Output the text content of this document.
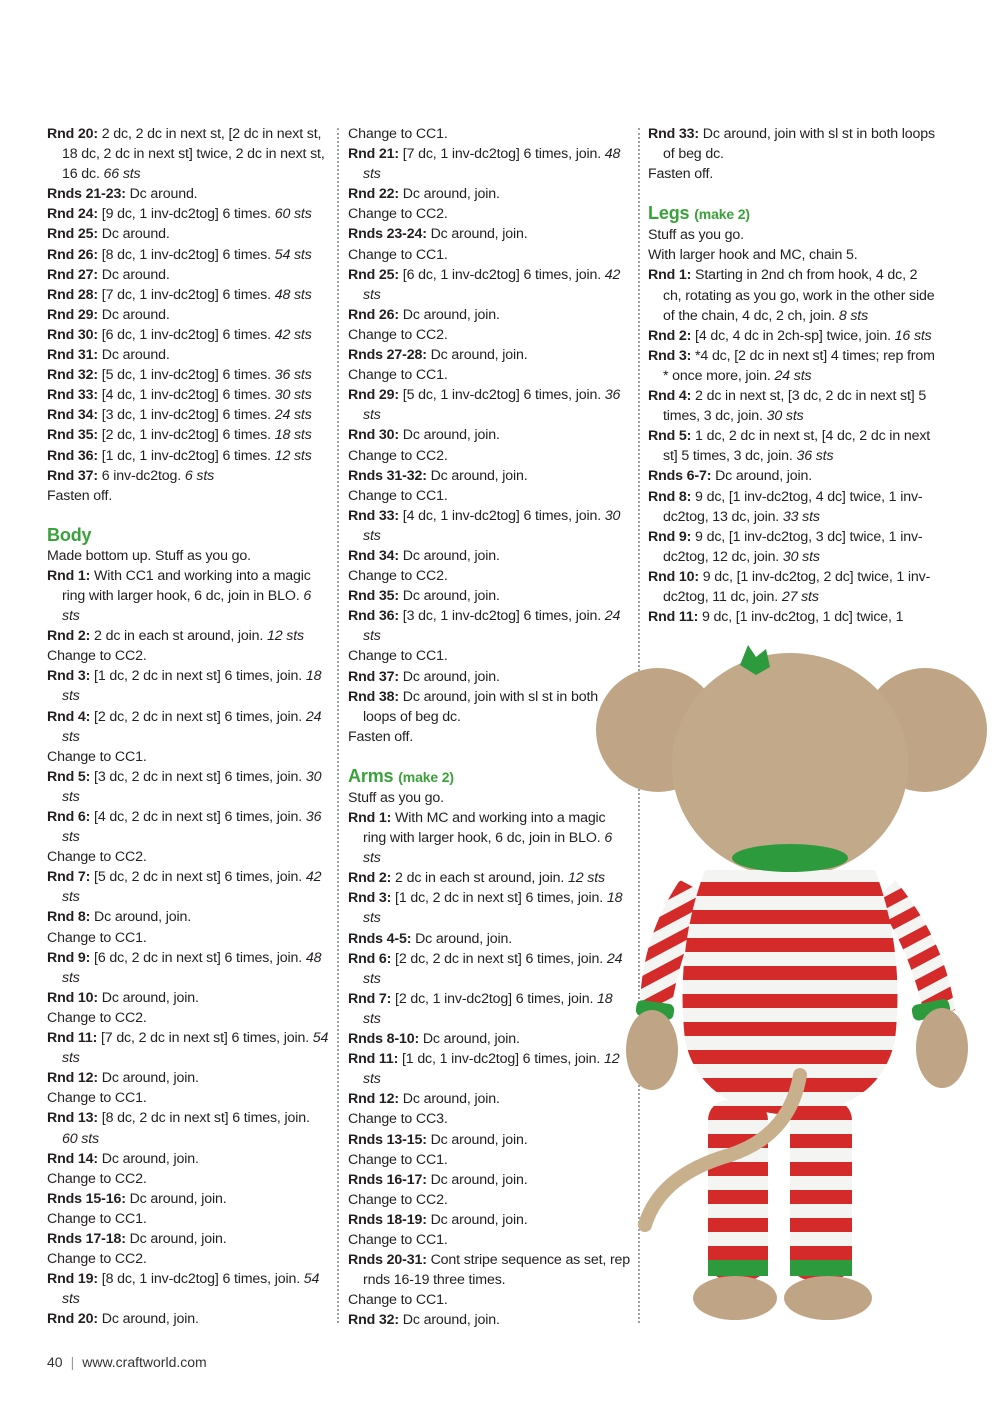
Rnd 20: 2 dc, 2 dc in next st, [2 dc in next st, 18 dc, 2 dc in next st] twice, 2 dc in next st, 16 dc. 66 sts
Rnds 21-23: Dc around.
Rnd 24: [9 dc, 1 inv-dc2tog] 6 times. 60 sts
Rnd 25: Dc around.
Rnd 26: [8 dc, 1 inv-dc2tog] 6 times. 54 sts
Rnd 27: Dc around.
Rnd 28: [7 dc, 1 inv-dc2tog] 6 times. 48 sts
Rnd 29: Dc around.
Rnd 30: [6 dc, 1 inv-dc2tog] 6 times. 42 sts
Rnd 31: Dc around.
Rnd 32: [5 dc, 1 inv-dc2tog] 6 times. 36 sts
Rnd 33: [4 dc, 1 inv-dc2tog] 6 times. 30 sts
Rnd 34: [3 dc, 1 inv-dc2tog] 6 times. 24 sts
Rnd 35: [2 dc, 1 inv-dc2tog] 6 times. 18 sts
Rnd 36: [1 dc, 1 inv-dc2tog] 6 times. 12 sts
Rnd 37: 6 inv-dc2tog. 6 sts
Fasten off.
Body
Made bottom up. Stuff as you go.
Rnd 1: With CC1 and working into a magic ring with larger hook, 6 dc, join in BLO. 6 sts
Rnd 2: 2 dc in each st around, join. 12 sts
Change to CC2.
Rnd 3: [1 dc, 2 dc in next st] 6 times, join. 18 sts
Rnd 4: [2 dc, 2 dc in next st] 6 times, join. 24 sts
Change to CC1.
Rnd 5: [3 dc, 2 dc in next st] 6 times, join. 30 sts
Rnd 6: [4 dc, 2 dc in next st] 6 times, join. 36 sts
Change to CC2.
Rnd 7: [5 dc, 2 dc in next st] 6 times, join. 42 sts
Rnd 8: Dc around, join.
Change to CC1.
Rnd 9: [6 dc, 2 dc in next st] 6 times, join. 48 sts
Rnd 10: Dc around, join.
Change to CC2.
Rnd 11: [7 dc, 2 dc in next st] 6 times, join. 54 sts
Rnd 12: Dc around, join.
Change to CC1.
Rnd 13: [8 dc, 2 dc in next st] 6 times, join. 60 sts
Rnd 14: Dc around, join.
Change to CC2.
Rnds 15-16: Dc around, join.
Change to CC1.
Rnds 17-18: Dc around, join.
Change to CC2.
Rnd 19: [8 dc, 1 inv-dc2tog] 6 times, join. 54 sts
Rnd 20: Dc around, join.
Change to CC1.
Rnd 21: [7 dc, 1 inv-dc2tog] 6 times, join. 48 sts
Rnd 22: Dc around, join.
Change to CC2.
Rnds 23-24: Dc around, join.
Change to CC1.
Rnd 25: [6 dc, 1 inv-dc2tog] 6 times, join. 42 sts
Rnd 26: Dc around, join.
Change to CC2.
Rnds 27-28: Dc around, join.
Change to CC1.
Rnd 29: [5 dc, 1 inv-dc2tog] 6 times, join. 36 sts
Rnd 30: Dc around, join.
Change to CC2.
Rnds 31-32: Dc around, join.
Change to CC1.
Rnd 33: [4 dc, 1 inv-dc2tog] 6 times, join. 30 sts
Rnd 34: Dc around, join.
Change to CC2.
Rnd 35: Dc around, join.
Rnd 36: [3 dc, 1 inv-dc2tog] 6 times, join. 24 sts
Change to CC1.
Rnd 37: Dc around, join.
Rnd 38: Dc around, join with sl st in both loops of beg dc.
Fasten off.
Arms (make 2)
Stuff as you go.
Rnd 1: With MC and working into a magic ring with larger hook, 6 dc, join in BLO. 6 sts
Rnd 2: 2 dc in each st around, join. 12 sts
Rnd 3: [1 dc, 2 dc in next st] 6 times, join. 18 sts
Rnds 4-5: Dc around, join.
Rnd 6: [2 dc, 2 dc in next st] 6 times, join. 24 sts
Rnd 7: [2 dc, 1 inv-dc2tog] 6 times, join. 18 sts
Rnds 8-10: Dc around, join.
Rnd 11: [1 dc, 1 inv-dc2tog] 6 times, join. 12 sts
Rnd 12: Dc around, join.
Change to CC3.
Rnds 13-15: Dc around, join.
Change to CC1.
Rnds 16-17: Dc around, join.
Change to CC2.
Rnds 18-19: Dc around, join.
Change to CC1.
Rnds 20-31: Cont stripe sequence as set, rep rnds 16-19 three times.
Change to CC1.
Rnd 32: Dc around, join.
Rnd 33: Dc around, join with sl st in both loops of beg dc.
Fasten off.
Legs (make 2)
Stuff as you go.
With larger hook and MC, chain 5.
Rnd 1: Starting in 2nd ch from hook, 4 dc, 2 ch, rotating as you go, work in the other side of the chain, 4 dc, 2 ch, join. 8 sts
Rnd 2: [4 dc, 4 dc in 2ch-sp] twice, join. 16 sts
Rnd 3: *4 dc, [2 dc in next st] 4 times; rep from * once more, join. 24 sts
Rnd 4: 2 dc in next st, [3 dc, 2 dc in next st] 5 times, 3 dc, join. 30 sts
Rnd 5: 1 dc, 2 dc in next st, [4 dc, 2 dc in next st] 5 times, 3 dc, join. 36 sts
Rnds 6-7: Dc around, join.
Rnd 8: 9 dc, [1 inv-dc2tog, 4 dc] twice, 1 inv-dc2tog, 13 dc, join. 33 sts
Rnd 9: 9 dc, [1 inv-dc2tog, 3 dc] twice, 1 inv-dc2tog, 12 dc, join. 30 sts
Rnd 10: 9 dc, [1 inv-dc2tog, 2 dc] twice, 1 inv-dc2tog, 11 dc, join. 27 sts
Rnd 11: 9 dc, [1 inv-dc2tog, 1 dc] twice, 1
40 | www.craftworld.com
